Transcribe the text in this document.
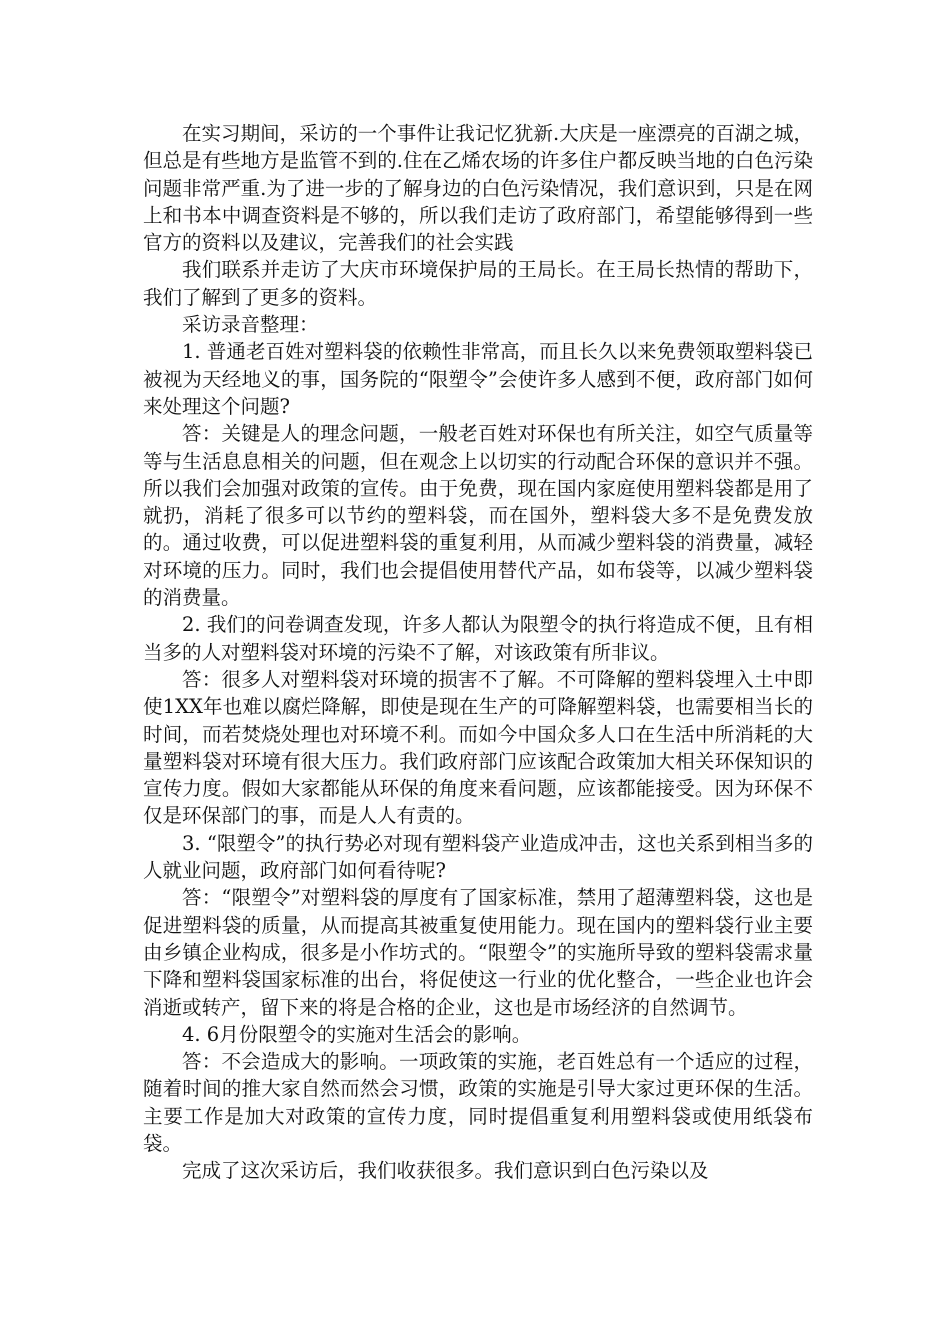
在实习期间，采访的一个事件让我记忆犹新.大庆是一座漂亮的百湖之城，但总是有些地方是监管不到的.住在乙烯农场的许多住户都反映当地的白色污染问题非常严重.为了进一步的了解身边的白色污染情况，我们意识到，只是在网上和书本中调查资料是不够的，所以我们走访了政府部门，希望能够得到一些官方的资料以及建议，完善我们的社会实践

我们联系并走访了大庆市环境保护局的王局长。在王局长热情的帮助下，我们了解到了更多的资料。

采访录音整理：

1. 普通老百姓对塑料袋的依赖性非常高，而且长久以来免费领取塑料袋已被视为天经地义的事，国务院的“限塑令”会使许多人感到不便，政府部门如何来处理这个问题?

答：关键是人的理念问题，一般老百姓对环保也有所关注，如空气质量等等与生活息息相关的问题，但在观念上以切实的行动配合环保的意识并不强。所以我们会加强对政策的宣传。由于免费，现在国内家庭使用塑料袋都是用了就扔，消耗了很多可以节约的塑料袋，而在国外，塑料袋大多不是免费发放的。通过收费，可以促进塑料袋的重复利用，从而减少塑料袋的消费量，减轻对环境的压力。同时，我们也会提倡使用替代产品，如布袋等，以减少塑料袋的消费量。

2. 我们的问卷调查发现，许多人都认为限塑令的执行将造成不便，且有相当多的人对塑料袋对环境的污染不了解，对该政策有所非议。

答：很多人对塑料袋对环境的损害不了解。不可降解的塑料袋埋入土中即使1XX年也难以腐烂降解，即使是现在生产的可降解塑料袋，也需要相当长的时间，而若焚烧处理也对环境不利。而如今中国众多人口在生活中所消耗的大量塑料袋对环境有很大压力。我们政府部门应该配合政策加大相关环保知识的宣传力度。假如大家都能从环保的角度来看问题，应该都能接受。因为环保不仅是环保部门的事，而是人人有责的。

3. “限塑令”的执行势必对现有塑料袋产业造成冲击，这也关系到相当多的人就业问题，政府部门如何看待呢?

答：“限塑令”对塑料袋的厚度有了国家标准，禁用了超薄塑料袋，这也是促进塑料袋的质量，从而提高其被重复使用能力。现在国内的塑料袋行业主要由乡镇企业构成，很多是小作坊式的。“限塑令”的实施所导致的塑料袋需求量下降和塑料袋国家标准的出台，将促使这一行业的优化整合，一些企业也许会消逝或转产，留下来的将是合格的企业，这也是市场经济的自然调节。

4. 6月份限塑令的实施对生活会的影响。

答：不会造成大的影响。一项政策的实施，老百姓总有一个适应的过程，随着时间的推大家自然而然会习惯，政策的实施是引导大家过更环保的生活。主要工作是加大对政策的宣传力度，同时提倡重复利用塑料袋或使用纸袋布袋。

完成了这次采访后，我们收获很多。我们意识到白色污染以及
